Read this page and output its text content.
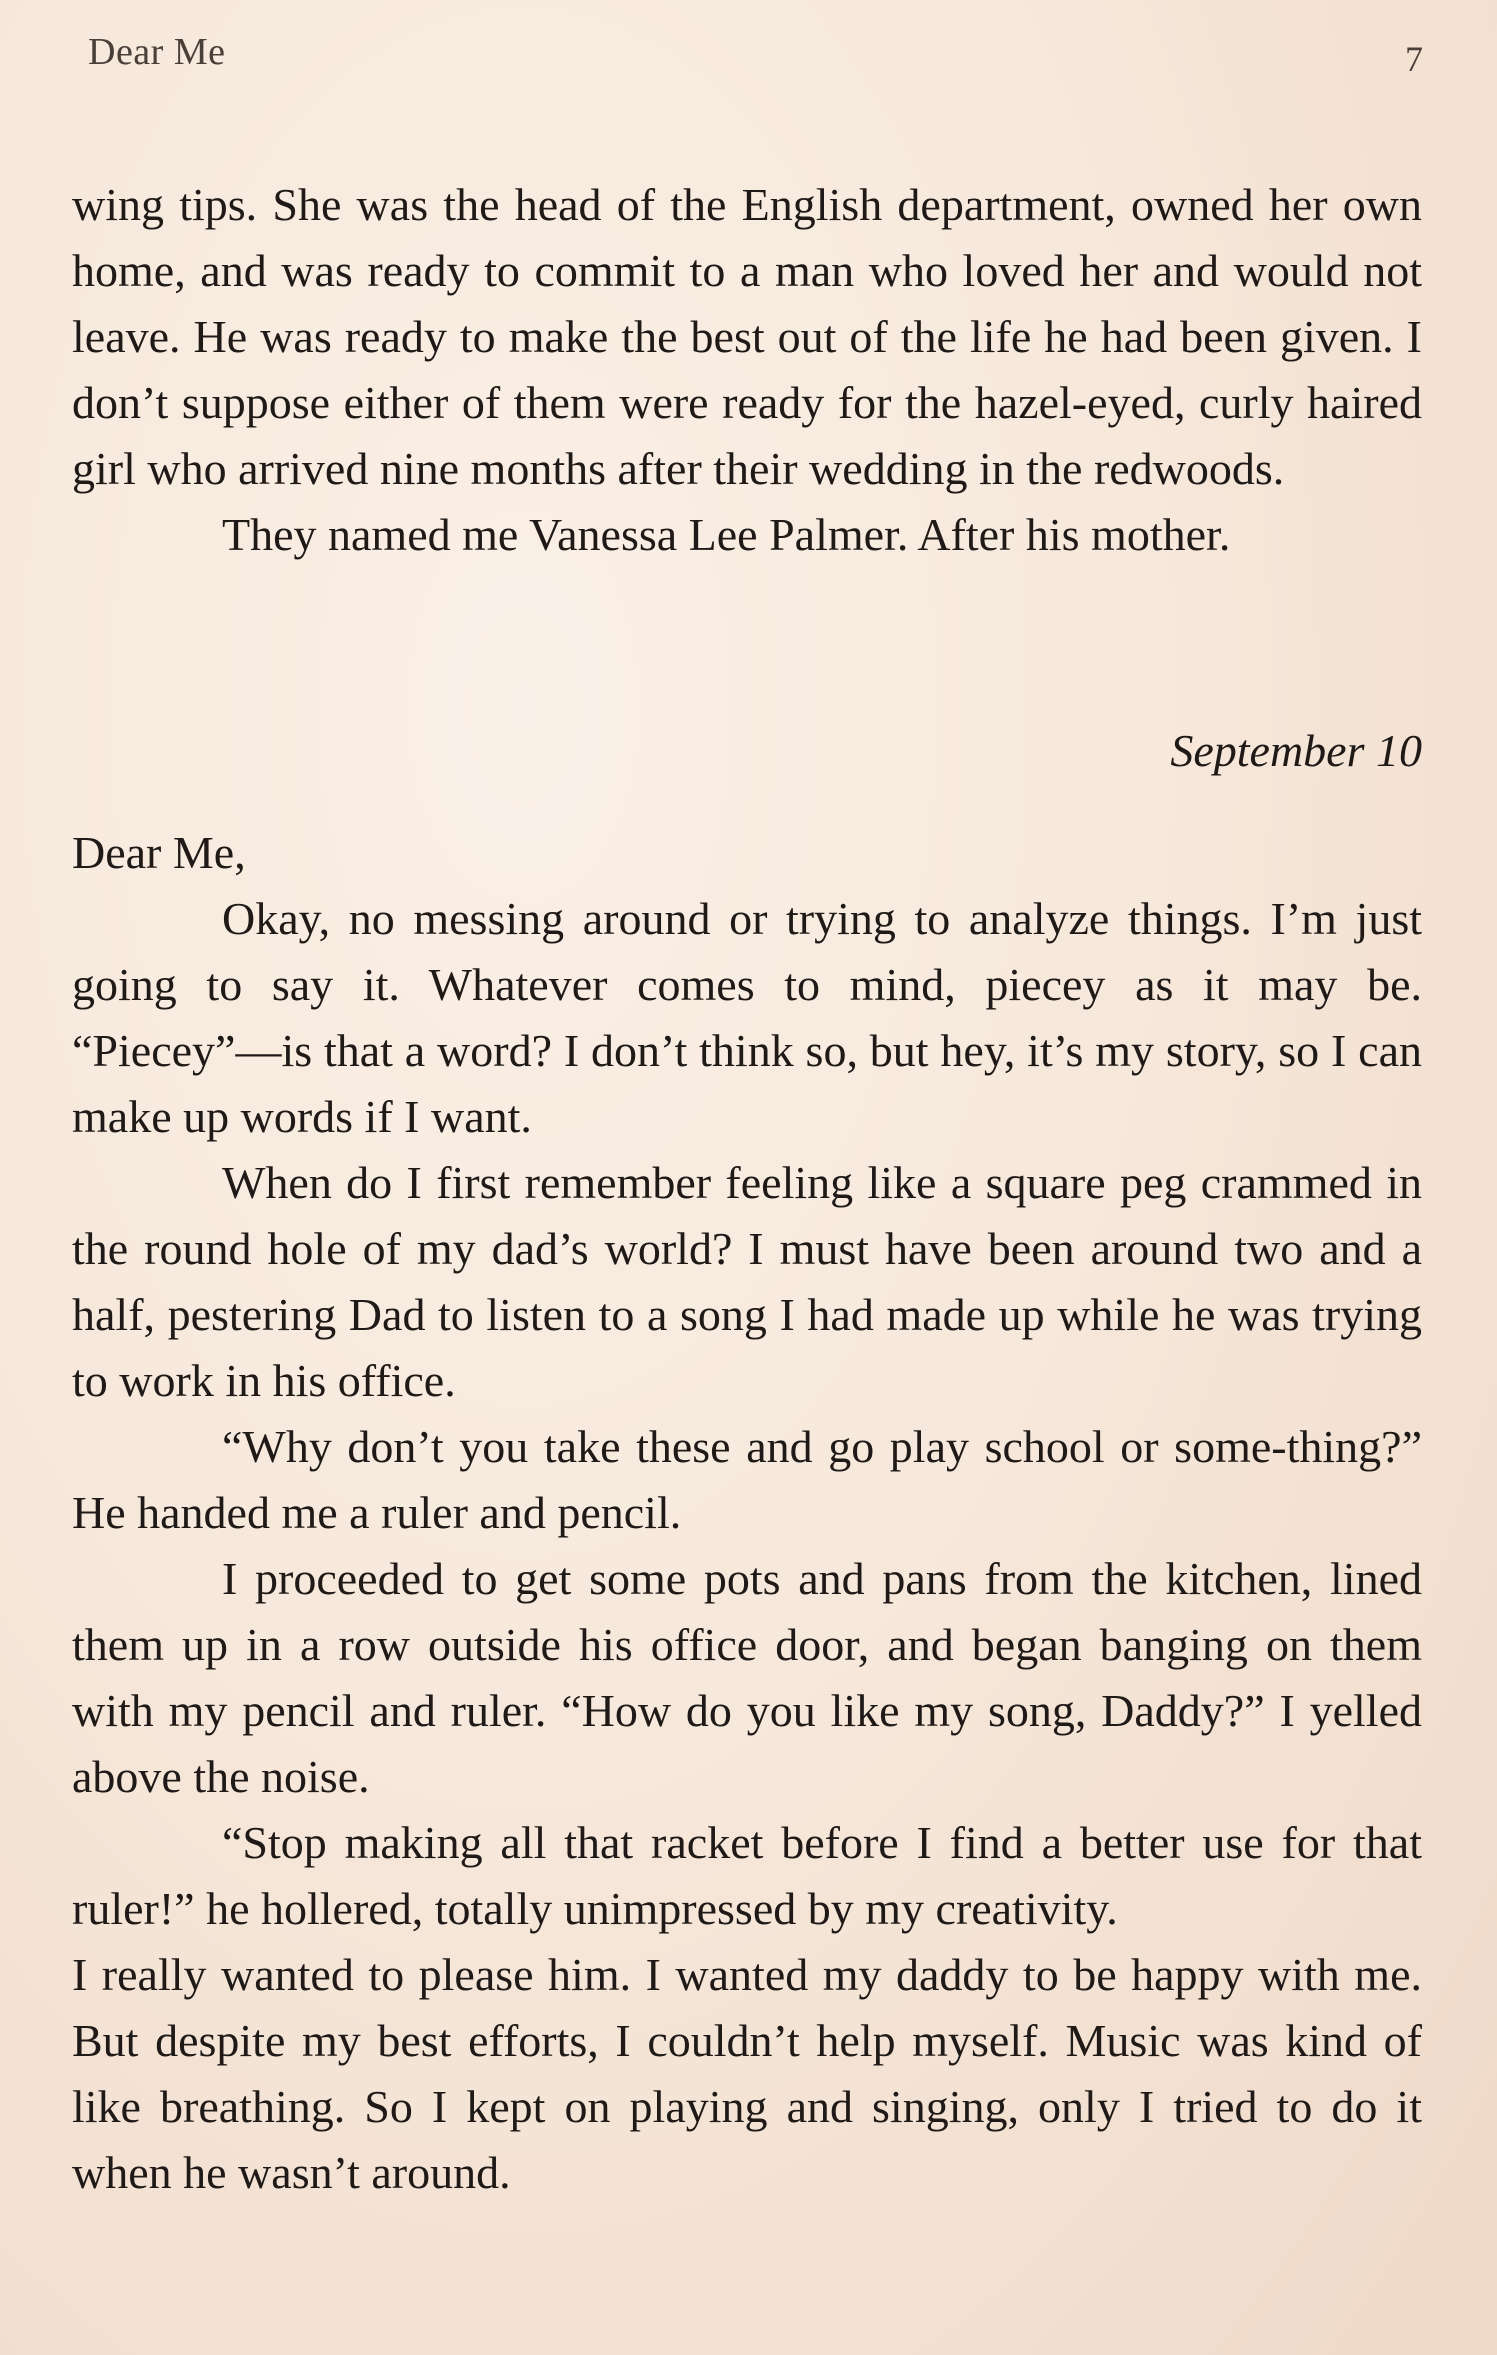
Dear Me	7

wing tips. She was the head of the English department, owned her own home, and was ready to commit to a man who loved her and would not leave. He was ready to make the best out of the life he had been given. I don’t suppose either of them were ready for the hazel-eyed, curly haired girl who arrived nine months after their wedding in the redwoods.

They named me Vanessa Lee Palmer. After his mother.

September 10

Dear Me,

Okay, no messing around or trying to analyze things. I’m just going to say it. Whatever comes to mind, piecey as it may be. “Piecey”—is that a word? I don’t think so, but hey, it’s my story, so I can make up words if I want.

When do I first remember feeling like a square peg crammed in the round hole of my dad’s world? I must have been around two and a half, pestering Dad to listen to a song I had made up while he was trying to work in his office.

“Why don’t you take these and go play school or some-thing?” He handed me a ruler and pencil.

I proceeded to get some pots and pans from the kitchen, lined them up in a row outside his office door, and began banging on them with my pencil and ruler. “How do you like my song, Daddy?” I yelled above the noise.

“Stop making all that racket before I find a better use for that ruler!” he hollered, totally unimpressed by my creativity.

I really wanted to please him. I wanted my daddy to be happy with me. But despite my best efforts, I couldn’t help myself. Music was kind of like breathing. So I kept on playing and singing, only I tried to do it when he wasn’t around.
